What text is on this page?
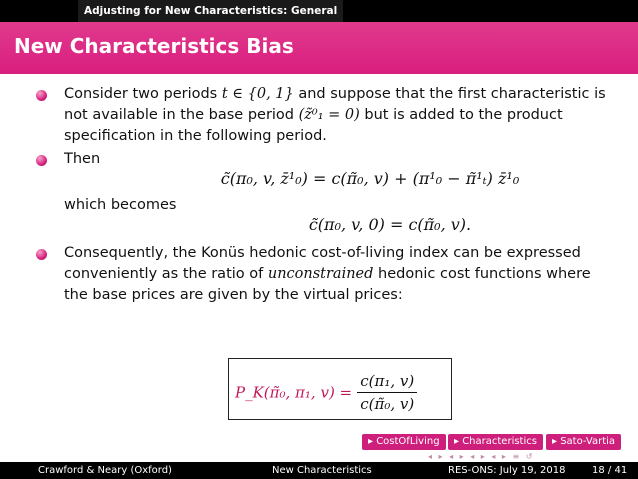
Adjusting for New Characteristics: General
New Characteristics Bias
Consider two periods t ∈ {0, 1} and suppose that the first characteristic is not available in the base period (z̃⁰₁ = 0) but is added to the product specification in the following period.
Then
c̃(π₀, v, z̄¹₀) = c(π̃₀, v) + (π¹₀ − π̃¹ₜ) z̄¹₀
which becomes
c̃(π₀, v, 0) = c(π̃₀, v).
Consequently, the Konüs hedonic cost-of-living index can be expressed conveniently as the ratio of unconstrained hedonic cost functions where the base prices are given by the virtual prices:
P_K(π̃₀, π₁, $v) = \frac{\text{c(π₁, v)}}{\text{c(π̃₀, v)}}$
▸ CostOfLiving	▸ Characteristics	▸ Sato-Vartia
◂ ▸ ◂ ▸ ◂ ▸ ◂ ▸ ≡ ↺
Crawford & Neary (Oxford)	New Characteristics	RES-ONS: July 19, 2018	18 / 41
